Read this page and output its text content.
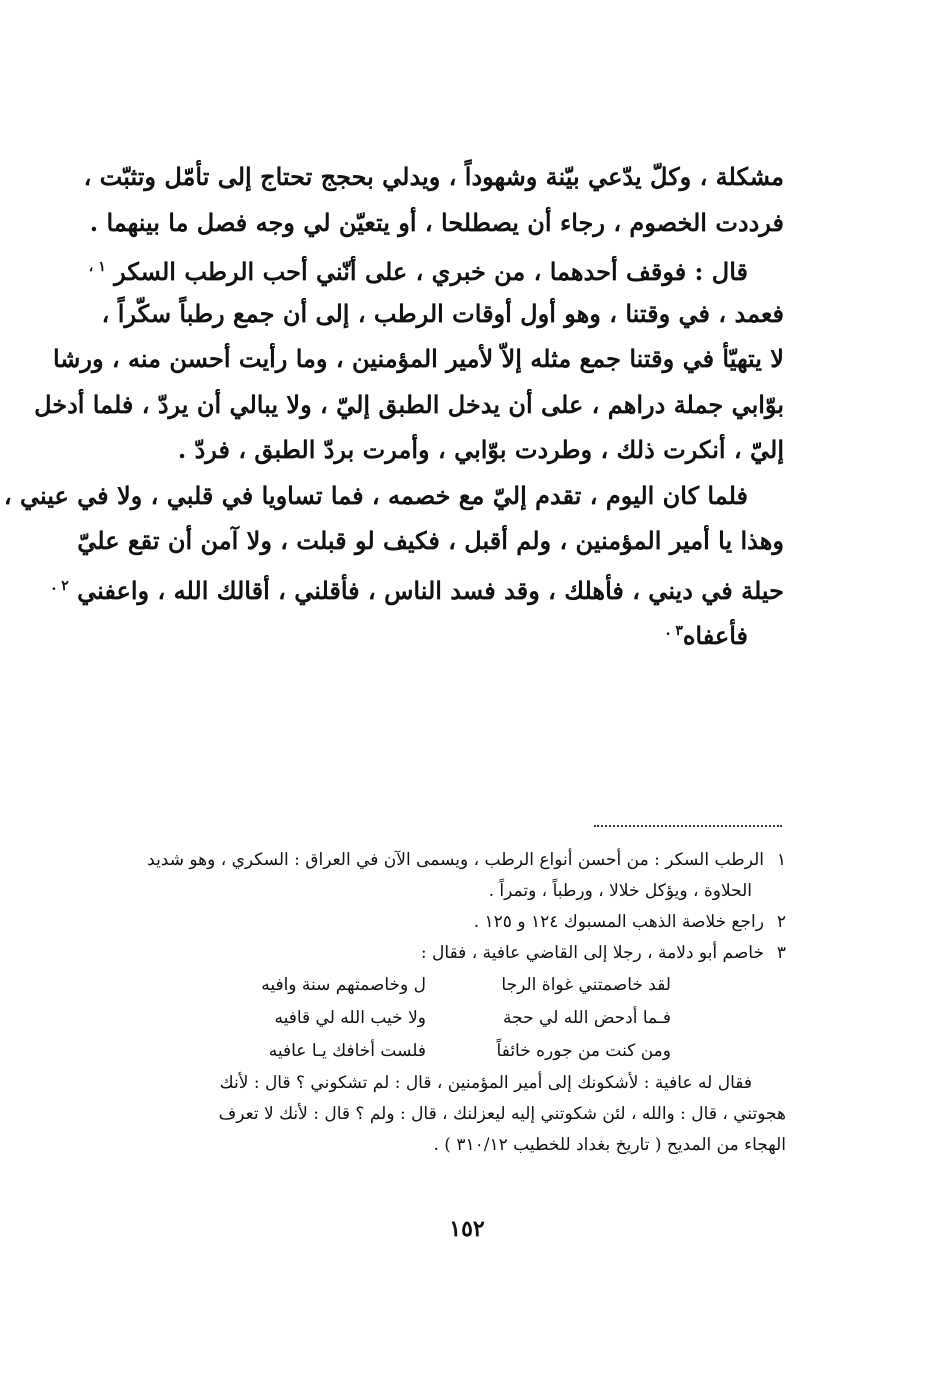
مشكلة ، وكلّ يدّعي بيّنة وشهوداً ، ويدلي بحجج تحتاج إلى تأمّل وتثبّت ،
فرددت الخصوم ، رجاء أن يصطلحا ، أو يتعيّن لي وجه فصل ما بينهما .
قال : فوقف أحدهما ، من خبري ، على أنّني أحب الرطب السكر $^{١ ،}$
فعمد ، في وقتنا ، وهو أول أوقات الرطب ، إلى أن جمع رطباً سكّراً ،
لا يتهيّأ في وقتنا جمع مثله إلاّ لأمير المؤمنين ، وما رأيت أحسن منه ، ورشا
بوّابي جملة دراهم ، على أن يدخل الطبق إليّ ، ولا يبالي أن يردّ ، فلما أدخل
إليّ ، أنكرت ذلك ، وطردت بوّابي ، وأمرت بردّ الطبق ، فردّ .
فلما كان اليوم ، تقدم إليّ مع خصمه ، فما تساويا في قلبي ، ولا في عيني ،
وهذا يا أمير المؤمنين ، ولم أقبل ، فكيف لو قبلت ، ولا آمن أن تقع عليّ
حيلة في ديني ، فأهلك ، وقد فسد الناس ، فأقلني ، أقالك الله ، واعفني $^{٢ .}$
فأعفاه$^{٣ .}$
١الرطب السكر : من أحسن أنواع الرطب ، ويسمى الآن في العراق : السكري ، وهو شديد
الحلاوة ، ويؤكل خلالا ، ورطباً ، وتمراً .
٢راجع خلاصة الذهب المسبوك ١٢٤ و ١٢٥ .
٣خاصم أبو دلامة ، رجلا إلى القاضي عافية ، فقال :
لقد خاصمتني غواة الرجا
ل وخاصمتهم سنة وافيه
فـما أدحض الله لي حجة
ولا خيب الله لي قافيه
ومن كنت من جوره خائفاً
فلست أخافك يـا عافيه
فقال له عافية : لأشكونك إلى أمير المؤمنين ، قال : لم تشكوني ؟ قال : لأنك
هجوتني ، قال : والله ، لئن شكوتني إليه ليعزلنك ، قال : ولم ؟ قال : لأنك لا تعرف
الهجاء من المديح ( تاريخ بغداد للخطيب ٣١٠/١٢ ) .
١٥٢
